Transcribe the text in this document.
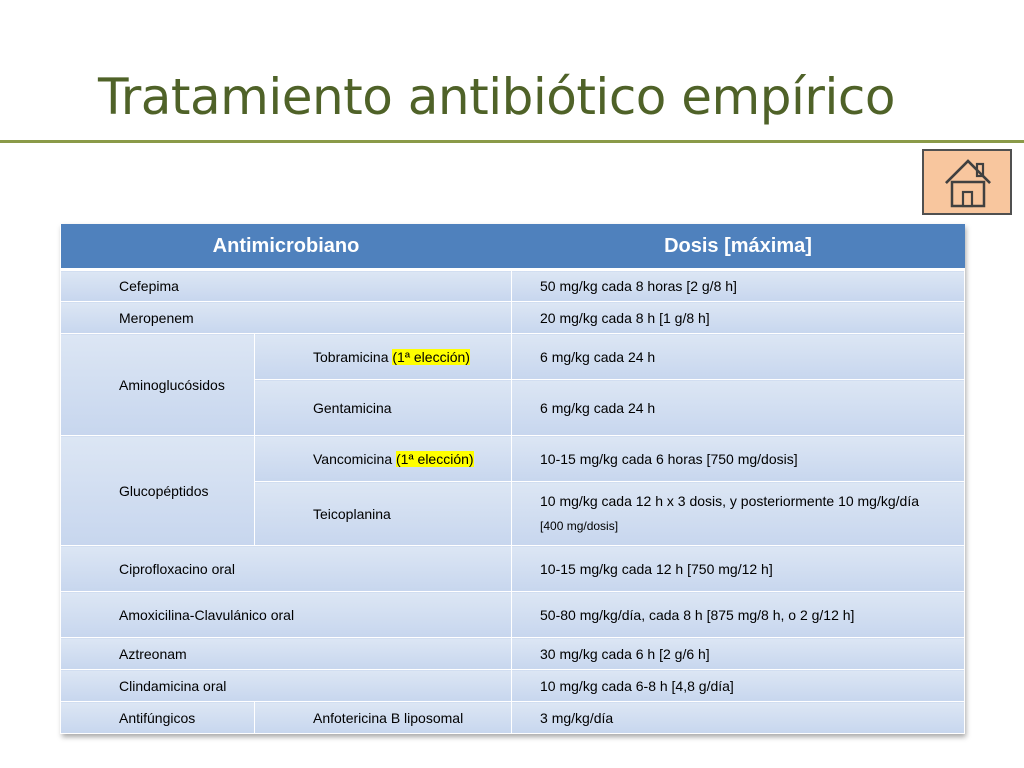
Tratamiento antibiótico empírico
Antimicrobiano		Dosis [máxima]
Cefepima		50 mg/kg cada 8 horas [2 g/8 h]
Meropenem		20 mg/kg cada 8 h [1 g/8 h]
Aminoglucósidos	Tobramicina (1ª elección)	6 mg/kg cada 24 h
	Gentamicina	6 mg/kg cada 24 h
Glucopéptidos	Vancomicina (1ª elección)	10-15 mg/kg cada 6 horas [750 mg/dosis]
	Teicoplanina	10 mg/kg cada 12 h x 3 dosis, y posteriormente 10 mg/kg/día [400 mg/dosis]
Ciprofloxacino oral		10-15 mg/kg cada 12 h [750 mg/12 h]
Amoxicilina-Clavulánico oral		50-80 mg/kg/día, cada 8 h [875 mg/8 h, o 2 g/12 h]
Aztreonam		30 mg/kg cada 6 h [2 g/6 h]
Clindamicina oral		10 mg/kg cada 6-8 h [4,8 g/día]
Antifúngicos	Anfotericina B liposomal	3 mg/kg/día
